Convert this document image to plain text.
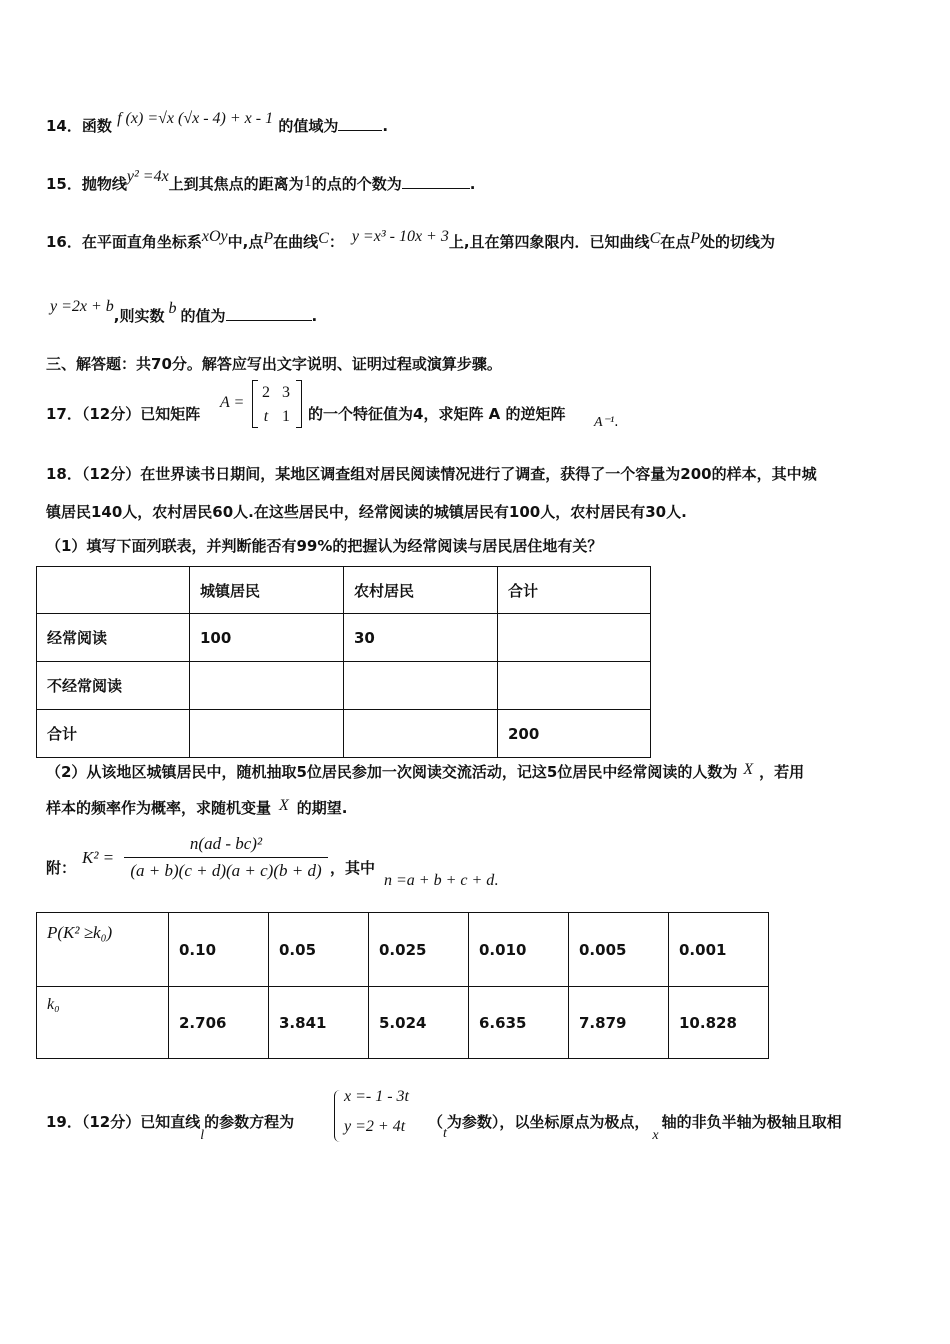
14．函数 f (x) =√x (√x - 4) + x - 1 的值域为	.
15．抛物线y² =4x上到其焦点的距离为1的点的个数为	.
16．在平面直角坐标系xOy中,点P在曲线C： y =x³ - 10x + 3上,且在第四象限内．已知曲线C在点P处的切线为
y =2x + b,则实数 b 的值为	.
三、解答题：共70分。解答应写出文字说明、证明过程或演算步骤。
17．（12分）已知矩阵
A =
2 3
t 1	的一个特征值为4，求矩阵 A 的逆矩阵 A⁻¹.
18．（12分）在世界读书日期间，某地区调查组对居民阅读情况进行了调查，获得了一个容量为200的样本，其中城
镇居民140人，农村居民60人.在这些居民中，经常阅读的城镇居民有100人，农村居民有30人.
（1）填写下面列联表，并判断能否有99%的把握认为经常阅读与居民居住地有关？
	城镇居民	农村居民	合计
经常阅读	100	30	
不经常阅读			
合计			200
（2）从该地区城镇居民中，随机抽取5位居民参加一次阅读交流活动，记这5位居民中经常阅读的人数为 X ，若用
样本的频率作为概率，求随机变量 X 的期望.
附：
K² =
n(ad - bc)²
(a + b)(c + d)(a + c)(b + d) ，其中
n =a + b + c + d.
P(K² ≥k₀)	0.10	0.05	0.025	0.010	0.005	0.001
k₀	2.706	3.841	5.024	6.635	7.879	10.828
19．（12分）已知直线l的参数方程为
x =- 1 - 3t
y =2 + 4t （t为参数），以坐标原点为极点，x轴的非负半轴为极轴且取相
